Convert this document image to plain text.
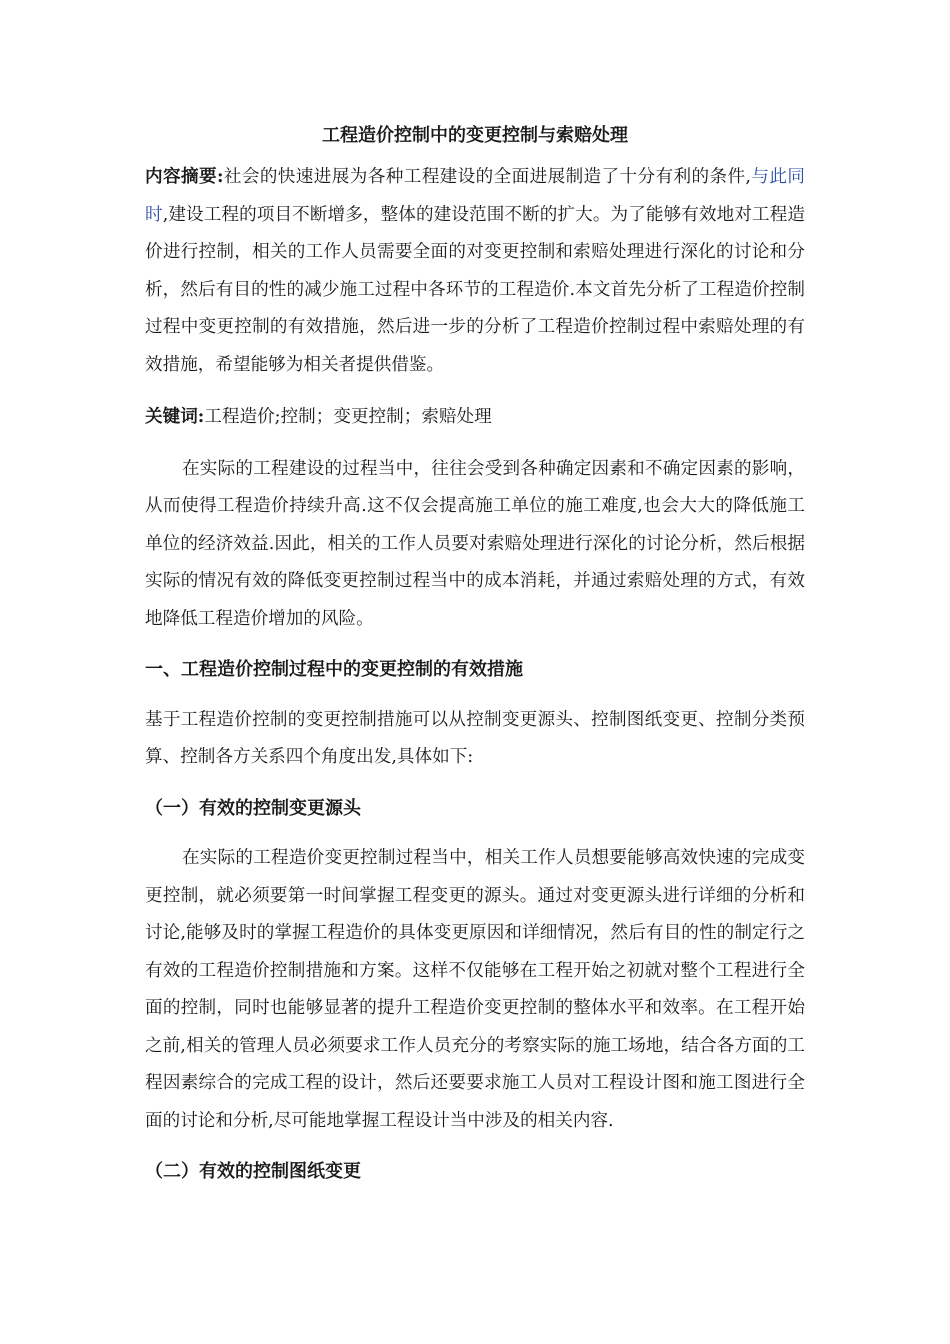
工程造价控制中的变更控制与索赔处理

内容摘要:社会的快速进展为各种工程建设的全面进展制造了十分有利的条件,与此同时,建设工程的项目不断增多，整体的建设范围不断的扩大。为了能够有效地对工程造价进行控制，相关的工作人员需要全面的对变更控制和索赔处理进行深化的讨论和分析，然后有目的性的减少施工过程中各环节的工程造价.本文首先分析了工程造价控制过程中变更控制的有效措施，然后进一步的分析了工程造价控制过程中索赔处理的有效措施，希望能够为相关者提供借鉴。

关键词:工程造价;控制；变更控制；索赔处理

在实际的工程建设的过程当中，往往会受到各种确定因素和不确定因素的影响，从而使得工程造价持续升高.这不仅会提高施工单位的施工难度,也会大大的降低施工单位的经济效益.因此，相关的工作人员要对索赔处理进行深化的讨论分析，然后根据实际的情况有效的降低变更控制过程当中的成本消耗，并通过索赔处理的方式，有效地降低工程造价增加的风险。

一、工程造价控制过程中的变更控制的有效措施

基于工程造价控制的变更控制措施可以从控制变更源头、控制图纸变更、控制分类预算、控制各方关系四个角度出发,具体如下:

（一）有效的控制变更源头

在实际的工程造价变更控制过程当中，相关工作人员想要能够高效快速的完成变更控制，就必须要第一时间掌握工程变更的源头。通过对变更源头进行详细的分析和讨论,能够及时的掌握工程造价的具体变更原因和详细情况，然后有目的性的制定行之有效的工程造价控制措施和方案。这样不仅能够在工程开始之初就对整个工程进行全面的控制，同时也能够显著的提升工程造价变更控制的整体水平和效率。在工程开始之前,相关的管理人员必须要求工作人员充分的考察实际的施工场地，结合各方面的工程因素综合的完成工程的设计，然后还要要求施工人员对工程设计图和施工图进行全面的讨论和分析,尽可能地掌握工程设计当中涉及的相关内容.

（二）有效的控制图纸变更
